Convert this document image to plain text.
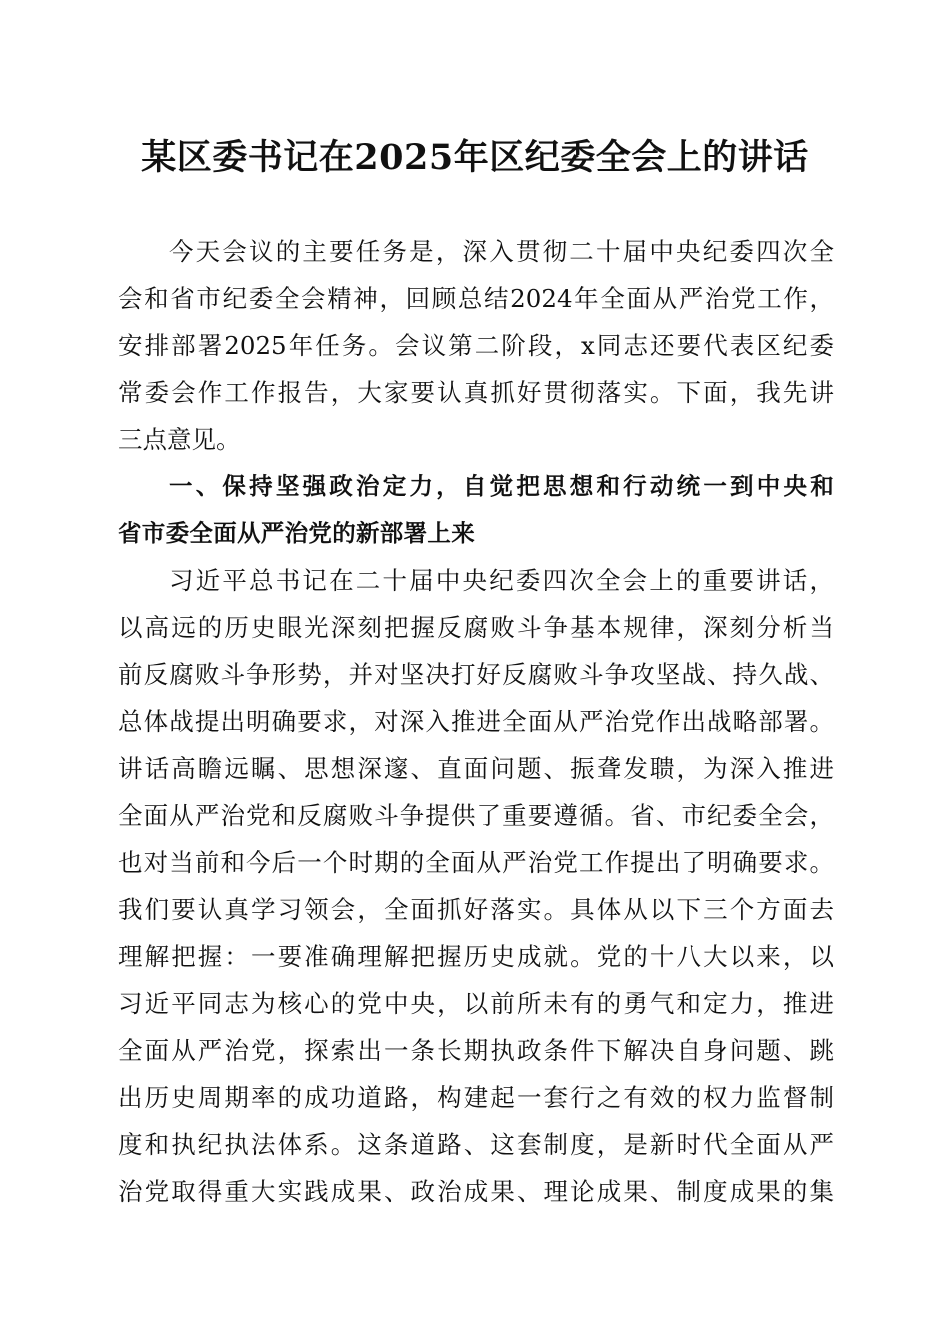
某区委书记在2025年区纪委全会上的讲话
今天会议的主要任务是，深入贯彻二十届中央纪委四次全
会和省市纪委全会精神，回顾总结2024年全面从严治党工作，
安排部署2025年任务。会议第二阶段，x同志还要代表区纪委
常委会作工作报告，大家要认真抓好贯彻落实。下面，我先讲
三点意见。
一、保持坚强政治定力，自觉把思想和行动统一到中央和
省市委全面从严治党的新部署上来
习近平总书记在二十届中央纪委四次全会上的重要讲话，
以高远的历史眼光深刻把握反腐败斗争基本规律，深刻分析当
前反腐败斗争形势，并对坚决打好反腐败斗争攻坚战、持久战、
总体战提出明确要求，对深入推进全面从严治党作出战略部署。
讲话高瞻远瞩、思想深邃、直面问题、振聋发聩，为深入推进
全面从严治党和反腐败斗争提供了重要遵循。省、市纪委全会，
也对当前和今后一个时期的全面从严治党工作提出了明确要求。
我们要认真学习领会，全面抓好落实。具体从以下三个方面去
理解把握：一要准确理解把握历史成就。党的十八大以来，以
习近平同志为核心的党中央，以前所未有的勇气和定力，推进
全面从严治党，探索出一条长期执政条件下解决自身问题、跳
出历史周期率的成功道路，构建起一套行之有效的权力监督制
度和执纪执法体系。这条道路、这套制度，是新时代全面从严
治党取得重大实践成果、政治成果、理论成果、制度成果的集
